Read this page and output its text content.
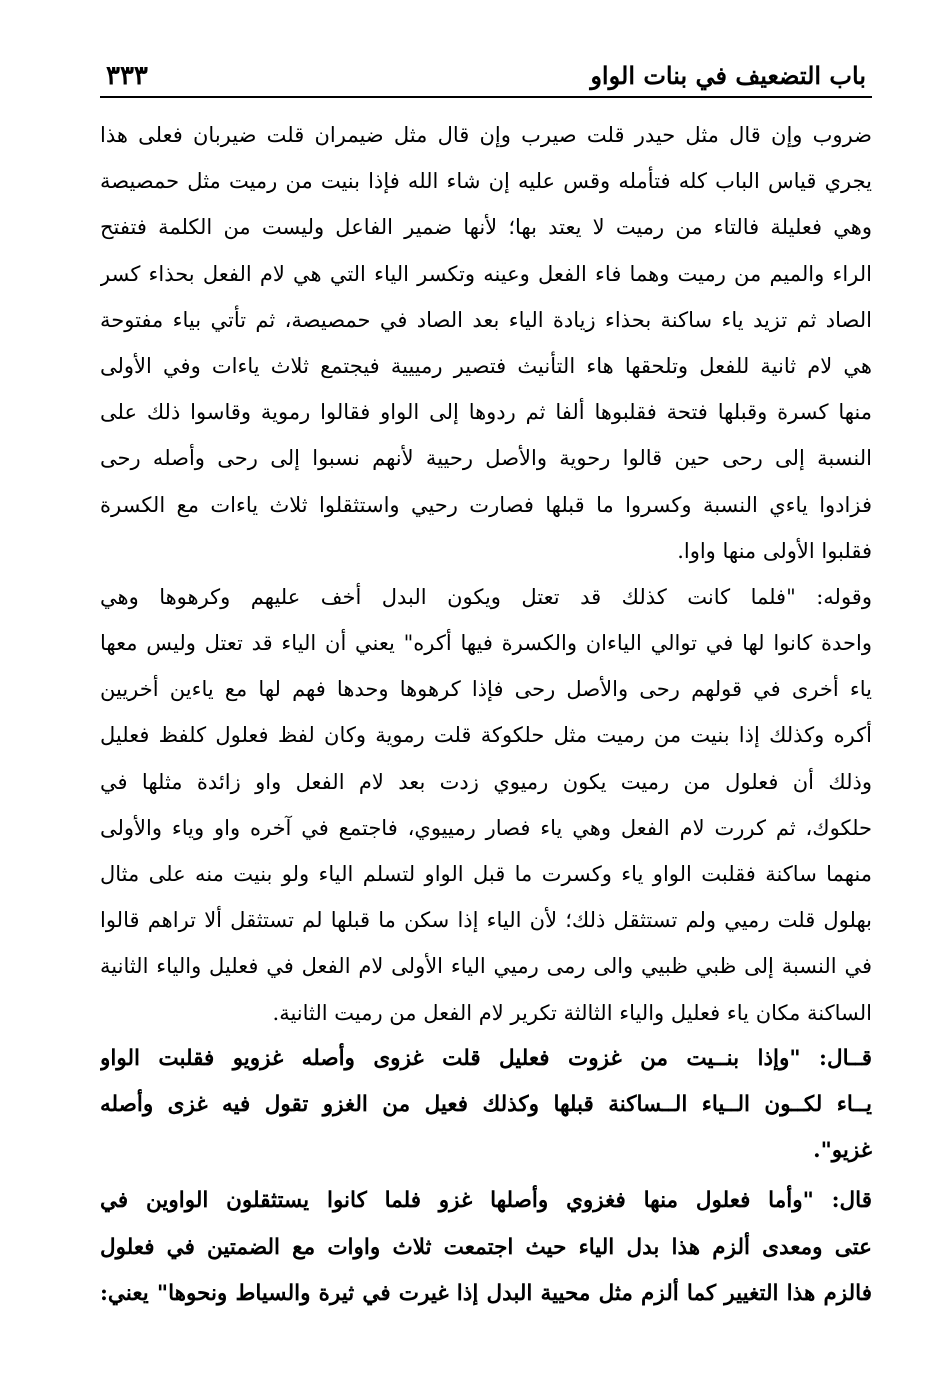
باب التضعيف في بنات الواو
٣٣٣
ضروب وإن قال مثل حيدر قلت صيرب وإن قال مثل ضيمران قلت ضيربان فعلى هذا
يجري قياس الباب كله فتأمله وقس عليه إن شاء الله فإذا بنيت من رميت مثل حمصيصة
وهي فعليلة فالتاء من رميت لا يعتد بها؛ لأنها ضمير الفاعل وليست من الكلمة فتفتح
الراء والميم من رميت وهما فاء الفعل وعينه وتكسر الياء التي هي لام الفعل بحذاء كسر
الصاد ثم تزيد ياء ساكنة بحذاء زيادة الياء بعد الصاد في حمصيصة، ثم تأتي بياء مفتوحة
هي لام ثانية للفعل وتلحقها هاء التأنيث فتصير رمييية فيجتمع ثلاث ياءات وفي الأولى
منها كسرة وقبلها فتحة فقلبوها ألفا ثم ردوها إلى الواو فقالوا رموية وقاسوا ذلك على
النسبة إلى رحى حين قالوا رحوية والأصل رحيية لأنهم نسبوا إلى رحى وأصله رحى
فزادوا ياءي النسبة وكسروا ما قبلها فصارت رحيي واستثقلوا ثلاث ياءات مع الكسرة
فقلبوا الأولى منها واوا.
وقوله: "فلما كانت كذلك قد تعتل ويكون البدل أخف عليهم وكرهوها وهي
واحدة كانوا لها في توالي الياءان والكسرة فيها أكره" يعني أن الياء قد تعتل وليس معها
ياء أخرى في قولهم رحى والأصل رحى فإذا كرهوها وحدها فهم لها مع ياءين أخريين
أكره وكذلك إذا بنيت من رميت مثل حلكوكة قلت رموية وكان لفظ فعلول كلفظ فعليل
وذلك أن فعلول من رميت يكون رميوي زدت بعد لام الفعل واو زائدة مثلها في
حلكوك، ثم كررت لام الفعل وهي ياء فصار رمييوي، فاجتمع في آخره واو وياء والأولى
منهما ساكنة فقلبت الواو ياء وكسرت ما قبل الواو لتسلم الياء ولو بنيت منه على مثال
بهلول قلت رميي ولم تستثقل ذلك؛ لأن الياء إذا سكن ما قبلها لم تستثقل ألا تراهم قالوا
في النسبة إلى ظبي ظبيي والى رمى رميي الياء الأولى لام الفعل في فعليل والياء الثانية
الساكنة مكان ياء فعليل والياء الثالثة تكرير لام الفعل من رميت الثانية.
قــال: "وإذا بنــيت من غزوت فعليل قلت غزوى وأصله غزويو فقلبت الواو
يــاء لكــون الــياء الــساكنة قبلها وكذلك فعيل من الغزو تقول فيه غزى وأصله
غزيو".
قال: "وأما فعلول منها فغزوي وأصلها غزو فلما كانوا يستثقلون الواوين في
عتى ومعدى ألزم هذا بدل الياء حيث اجتمعت ثلاث واوات مع الضمتين في فعلول
فالزم هذا التغيير كما ألزم مثل محيية البدل إذا غيرت في ثيرة والسياط ونحوها" يعني:
